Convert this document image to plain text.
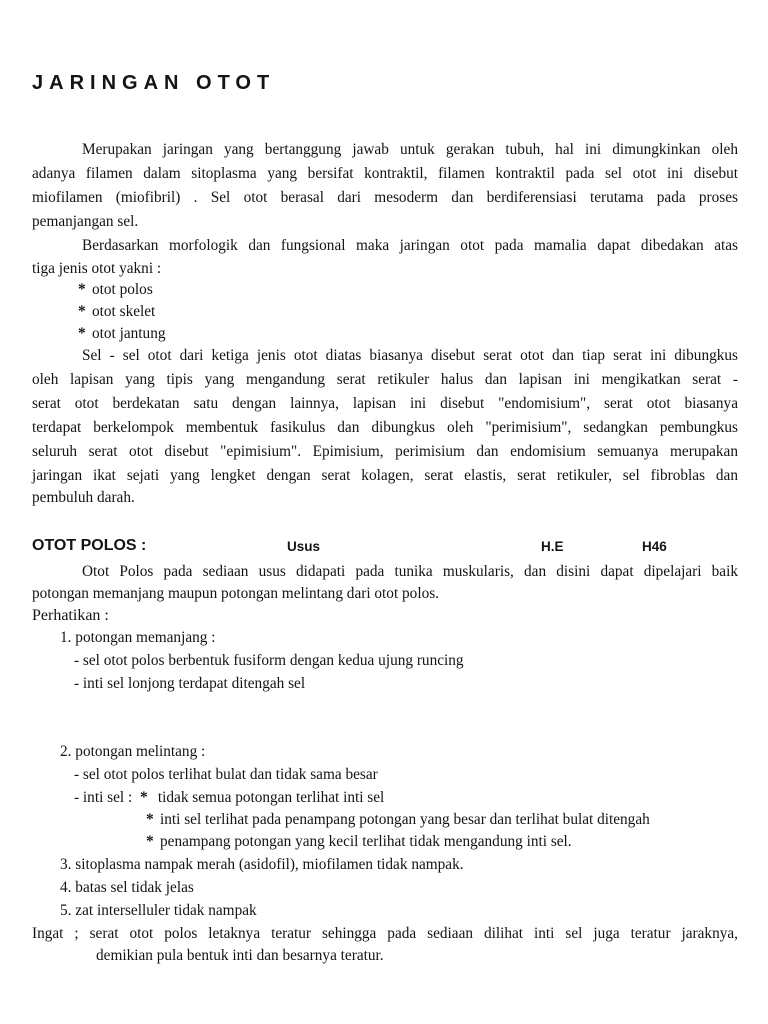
JARINGAN OTOT
Merupakan jaringan yang bertanggung jawab untuk gerakan tubuh, hal ini dimungkinkan oleh
adanya filamen dalam sitoplasma yang bersifat kontraktil, filamen kontraktil pada sel otot ini disebut
miofilamen (miofibril) . Sel otot berasal dari mesoderm dan berdiferensiasi terutama pada proses
pemanjangan sel.
Berdasarkan morfologik dan fungsional maka jaringan otot pada mamalia dapat dibedakan atas
tiga jenis otot yakni :
* otot polos
* otot skelet
* otot jantung
Sel - sel otot dari ketiga jenis otot diatas biasanya disebut serat otot dan tiap serat ini dibungkus
oleh lapisan yang tipis yang mengandung serat retikuler halus dan lapisan ini mengikatkan serat -
serat otot berdekatan satu dengan lainnya, lapisan ini disebut "endomisium", serat otot biasanya
terdapat berkelompok membentuk fasikulus dan dibungkus oleh "perimisium", sedangkan pembungkus
seluruh serat otot disebut "epimisium". Epimisium, perimisium dan endomisium semuanya merupakan
jaringan ikat sejati yang lengket dengan serat kolagen, serat elastis, serat retikuler, sel fibroblas dan
pembuluh darah.
OTOT POLOS :	Usus	H.E	H46
Otot Polos pada sediaan usus didapati pada tunika muskularis, dan disini dapat dipelajari baik
potongan memanjang maupun potongan melintang dari otot polos.
Perhatikan :
1. potongan memanjang :
- sel otot polos berbentuk fusiform dengan kedua ujung runcing
- inti sel lonjong terdapat ditengah sel
2. potongan melintang :
- sel otot polos terlihat bulat dan tidak sama besar
- inti sel : * tidak semua potongan terlihat inti sel
* inti sel terlihat pada penampang potongan yang besar dan terlihat bulat ditengah
* penampang potongan yang kecil terlihat tidak mengandung inti sel.
3. sitoplasma nampak merah (asidofil), miofilamen tidak nampak.
4. batas sel tidak jelas
5. zat interselluler tidak nampak
Ingat ; serat otot polos letaknya teratur sehingga pada sediaan dilihat inti sel juga teratur jaraknya,
demikian pula bentuk inti dan besarnya teratur.
